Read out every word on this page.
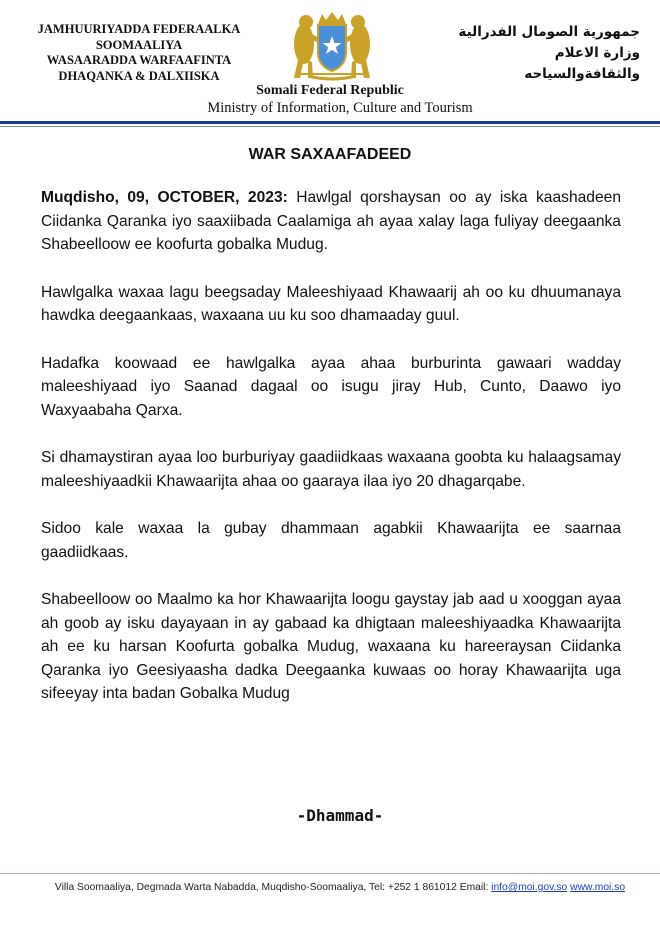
JAMHUURIYADDA FEDERAALKA
SOOMAALIYA
WASAARADDA WARFAAFINTA
DHAQANKA & DALXIISKA
جمهورية الصومال الفدرالية
وزارة الاعلام
والثقافةوالسياحه
Somali Federal Republic
Ministry of Information, Culture and Tourism
WAR SAXAAFADEED

Muqdisho, 09, OCTOBER, 2023: Hawlgal qorshaysan oo ay iska kaashadeen Ciidanka Qaranka iyo saaxiibada Caalamiga ah ayaa xalay laga fuliyay deegaanka Shabeelloow ee koofurta gobalka Mudug.

Hawlgalka waxaa lagu beegsaday Maleeshiyaad Khawaarij ah oo ku dhuumanaya hawdka deegaankaas, waxaana uu ku soo dhamaaday guul.

Hadafka koowaad ee hawlgalka ayaa ahaa burburinta gawaari wadday maleeshiyaad iyo Saanad dagaal oo isugu jiray Hub, Cunto, Daawo iyo Waxyaabaha Qarxa.

Si dhamaystiran ayaa loo burburiyay gaadiidkaas waxaana goobta ku halaagsamay maleeshiyaadkii Khawaarijta ahaa oo gaaraya ilaa iyo 20 dhagarqabe.

Sidoo kale waxaa la gubay dhammaan agabkii Khawaarijta ee saarnaa gaadiidkaas.

Shabeelloow oo Maalmo ka hor Khawaarijta loogu gaystay jab aad u xooggan ayaa ah goob ay isku dayayaan in ay gabaad ka dhigtaan maleeshiyaadka Khawaarijta ah ee ku harsan Koofurta gobalka Mudug, waxaana ku hareeraysan Ciidanka Qaranka iyo Geesiyaasha dadka Deegaanka kuwaas oo horay Khawaarijta uga sifeeyay inta badan Gobalka Mudug

-Dhammad-
Villa Soomaaliya, Degmada Warta Nabadda, Muqdisho-Soomaaliya, Tel: +252 1 861012 Email: info@moi.gov.so www.moi.so
